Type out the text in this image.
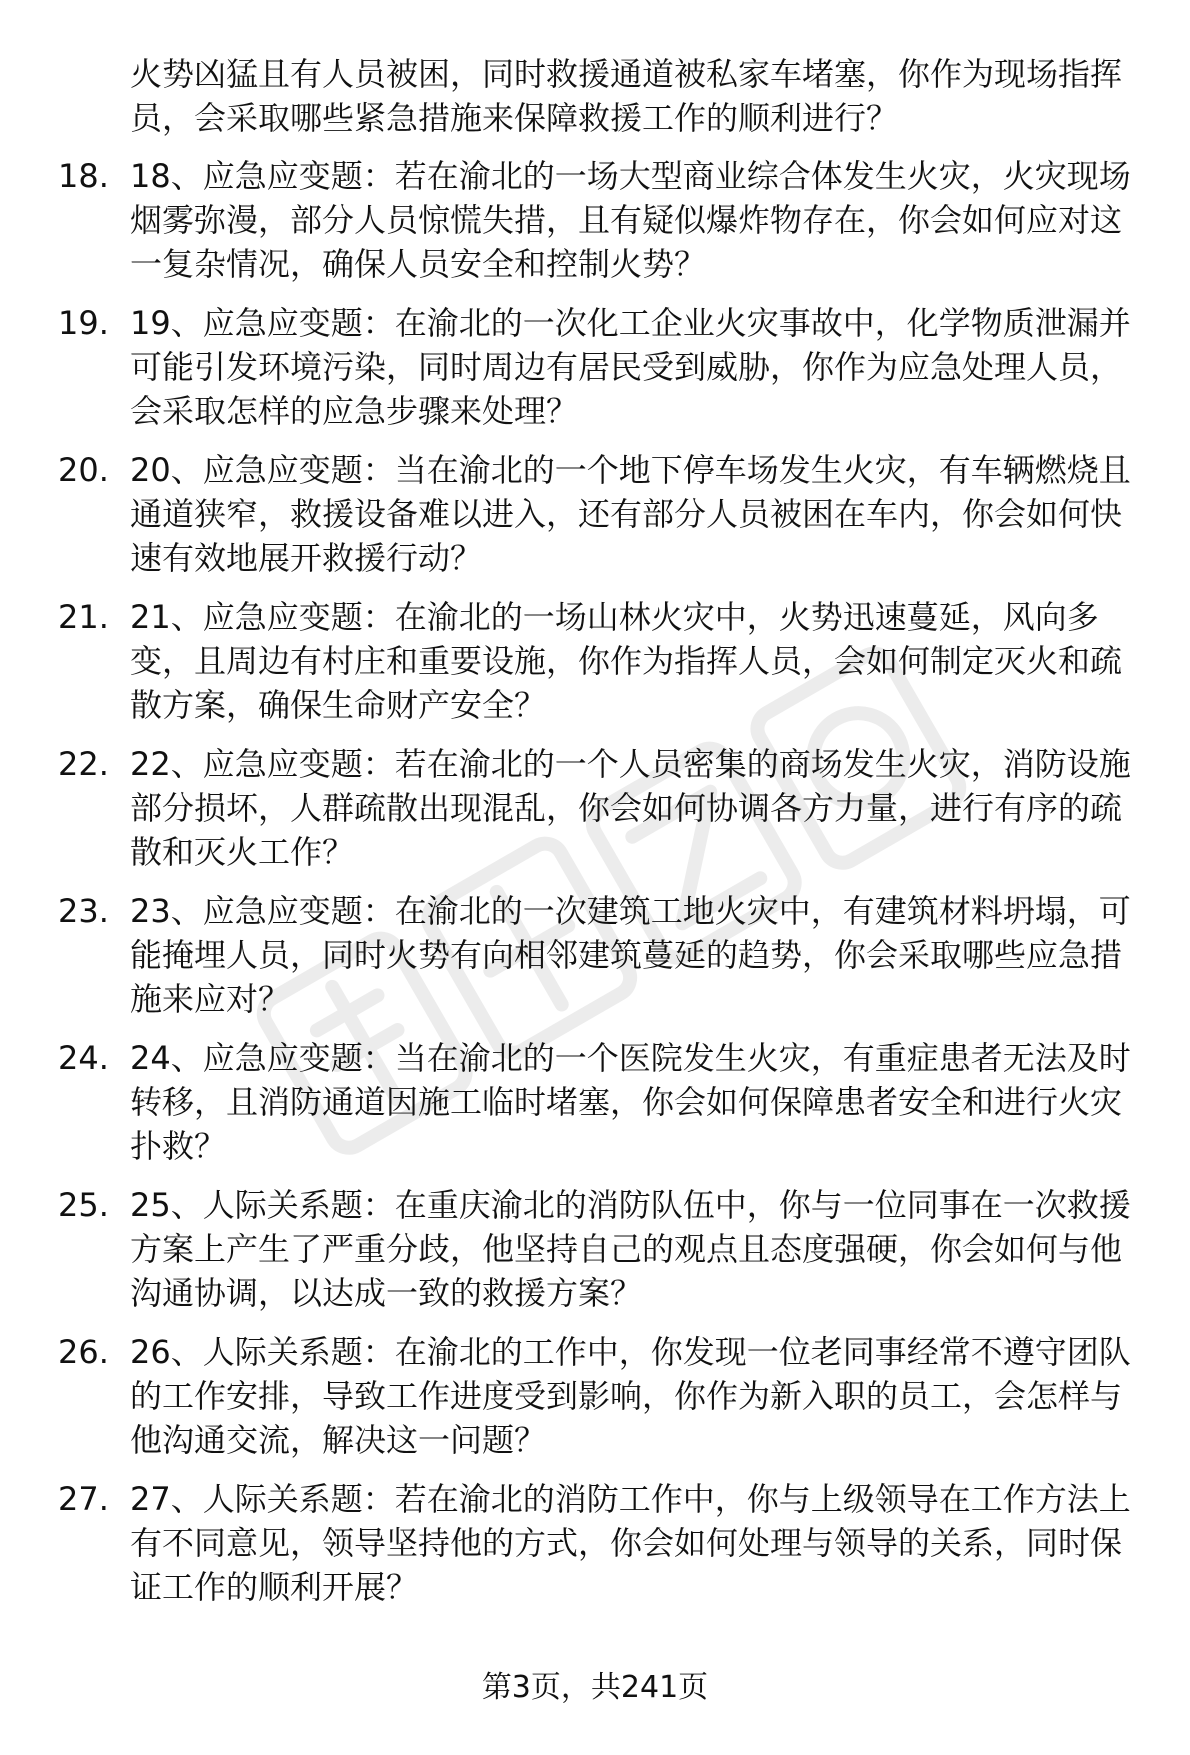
火势凶猛且有人员被困，同时救援通道被私家车堵塞，你作为现场指挥员，会采取哪些紧急措施来保障救援工作的顺利进行？
18. 18、应急应变题：若在渝北的一场大型商业综合体发生火灾，火灾现场烟雾弥漫，部分人员惊慌失措，且有疑似爆炸物存在，你会如何应对这一复杂情况，确保人员安全和控制火势？
19. 19、应急应变题：在渝北的一次化工企业火灾事故中，化学物质泄漏并可能引发环境污染，同时周边有居民受到威胁，你作为应急处理人员，会采取怎样的应急步骤来处理？
20. 20、应急应变题：当在渝北的一个地下停车场发生火灾，有车辆燃烧且通道狭窄，救援设备难以进入，还有部分人员被困在车内，你会如何快速有效地展开救援行动？
21. 21、应急应变题：在渝北的一场山林火灾中，火势迅速蔓延，风向多变，且周边有村庄和重要设施，你作为指挥人员，会如何制定灭火和疏散方案，确保生命财产安全？
22. 22、应急应变题：若在渝北的一个人员密集的商场发生火灾，消防设施部分损坏，人群疏散出现混乱，你会如何协调各方力量，进行有序的疏散和灭火工作？
23. 23、应急应变题：在渝北的一次建筑工地火灾中，有建筑材料坍塌，可能掩埋人员，同时火势有向相邻建筑蔓延的趋势，你会采取哪些应急措施来应对？
24. 24、应急应变题：当在渝北的一个医院发生火灾，有重症患者无法及时转移，且消防通道因施工临时堵塞，你会如何保障患者安全和进行火灾扑救？
25. 25、人际关系题：在重庆渝北的消防队伍中，你与一位同事在一次救援方案上产生了严重分歧，他坚持自己的观点且态度强硬，你会如何与他沟通协调，以达成一致的救援方案？
26. 26、人际关系题：在渝北的工作中，你发现一位老同事经常不遵守团队的工作安排，导致工作进度受到影响，你作为新入职的员工，会怎样与他沟通交流，解决这一问题？
27. 27、人际关系题：若在渝北的消防工作中，你与上级领导在工作方法上有不同意见，领导坚持他的方式，你会如何处理与领导的关系，同时保证工作的顺利开展？
第3页，共241页
